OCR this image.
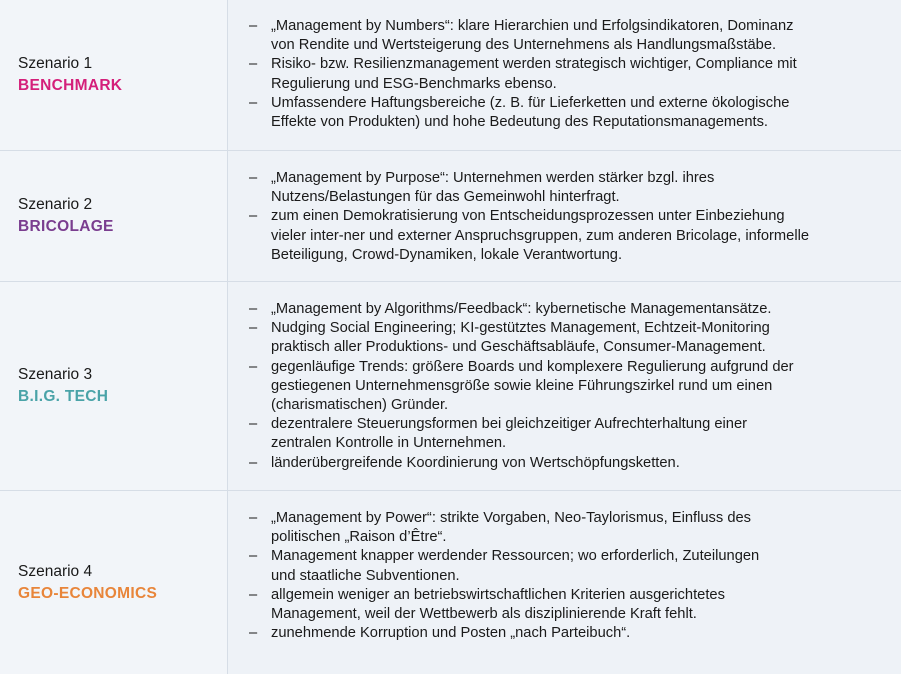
Szenario 1
BENCHMARK
– „Management by Numbers“: klare Hierarchien und Erfolgsindikatoren, Dominanz
von Rendite und Wertsteigerung des Unternehmens als Handlungsmaßstäbe.
– Risiko- bzw. Resilienzmanagement werden strategisch wichtiger, Compliance mit
Regulierung und ESG-Benchmarks ebenso.
– Umfassendere Haftungsbereiche (z. B. für Lieferketten und externe ökologische
Effekte von Produkten) und hohe Bedeutung des Reputationsmanagements.
Szenario 2
BRICOLAGE
– „Management by Purpose“: Unternehmen werden stärker bzgl. ihres
Nutzens/Belastungen für das Gemeinwohl hinterfragt.
– zum einen Demokratisierung von Entscheidungsprozessen unter Einbeziehung
vieler inter-ner und externer Anspruchsgruppen, zum anderen Bricolage, informelle
Beteiligung, Crowd-Dynamiken, lokale Verantwortung.
Szenario 3
B.I.G. TECH
– „Management by Algorithms/Feedback“: kybernetische Managementansätze.
– Nudging Social Engineering; KI-gestütztes Management, Echtzeit-Monitoring
praktisch aller Produktions- und Geschäftsabläufe, Consumer-Management.
– gegenläufige Trends: größere Boards und komplexere Regulierung aufgrund der
gestiegenen Unternehmensgröße sowie kleine Führungszirkel rund um einen
(charismatischen) Gründer.
– dezentralere Steuerungsformen bei gleichzeitiger Aufrechterhaltung einer
zentralen Kontrolle in Unternehmen.
– länderübergreifende Koordinierung von Wertschöpfungsketten.
Szenario 4
GEO-ECONOMICS
– „Management by Power“: strikte Vorgaben, Neo-Taylorismus, Einfluss des
politischen „Raison d’Être“.
– Management knapper werdender Ressourcen; wo erforderlich, Zuteilungen
und staatliche Subventionen.
– allgemein weniger an betriebswirtschaftlichen Kriterien ausgerichtetes
Management, weil der Wettbewerb als disziplinierende Kraft fehlt.
– zunehmende Korruption und Posten „nach Parteibuch“.
